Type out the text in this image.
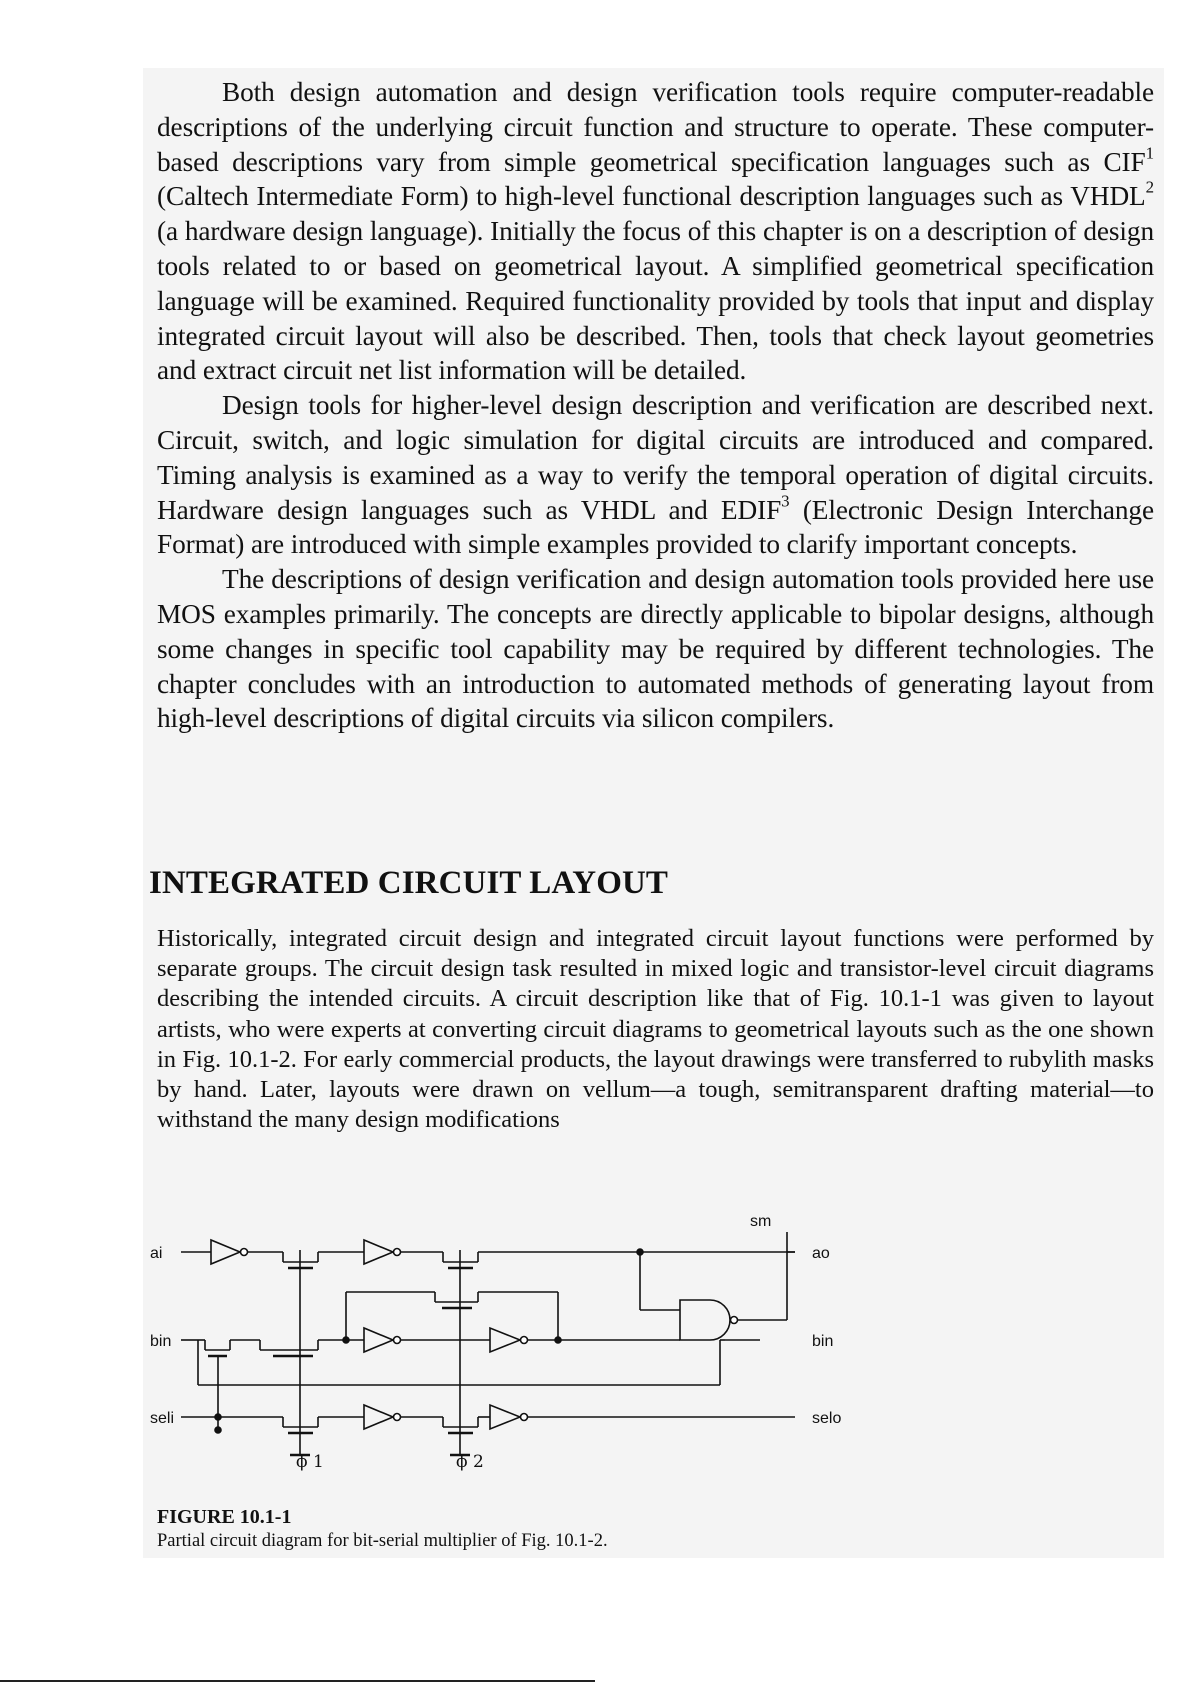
Both design automation and design verification tools require computer-readable descriptions of the underlying circuit function and structure to operate. These computer-based descriptions vary from simple geometrical specification languages such as CIF$^1$ (Caltech Intermediate Form) to high-level functional description languages such as VHDL$^2$ (a hardware design language). Initially the focus of this chapter is on a description of design tools related to or based on geometrical layout. A simplified geometrical specification language will be examined. Required functionality provided by tools that input and display integrated circuit layout will also be described. Then, tools that check layout geometries and extract circuit net list information will be detailed.

Design tools for higher-level design description and verification are described next. Circuit, switch, and logic simulation for digital circuits are introduced and compared. Timing analysis is examined as a way to verify the temporal operation of digital circuits. Hardware design languages such as VHDL and EDIF$^3$ (Electronic Design Interchange Format) are introduced with simple examples provided to clarify important concepts.

The descriptions of design verification and design automation tools provided here use MOS examples primarily. The concepts are directly applicable to bipolar designs, although some changes in specific tool capability may be required by different technologies. The chapter concludes with an introduction to automated methods of generating layout from high-level descriptions of digital circuits via silicon compilers.

INTEGRATED CIRCUIT LAYOUT

Historically, integrated circuit design and integrated circuit layout functions were performed by separate groups. The circuit design task resulted in mixed logic and transistor-level circuit diagrams describing the intended circuits. A circuit description like that of Fig. 10.1-1 was given to layout artists, who were experts at converting circuit diagrams to geometrical layouts such as the one shown in Fig. 10.1-2. For early commercial products, the layout drawings were transferred to rubylith masks by hand. Later, layouts were drawn on vellum—a tough, semitransparent drafting material—to withstand the many design modifications

ai
bin
seli
sm
ao
bin
selo
ϕ 1	ϕ 2

FIGURE 10.1-1

Partial circuit diagram for bit-serial multiplier of Fig. 10.1-2.
